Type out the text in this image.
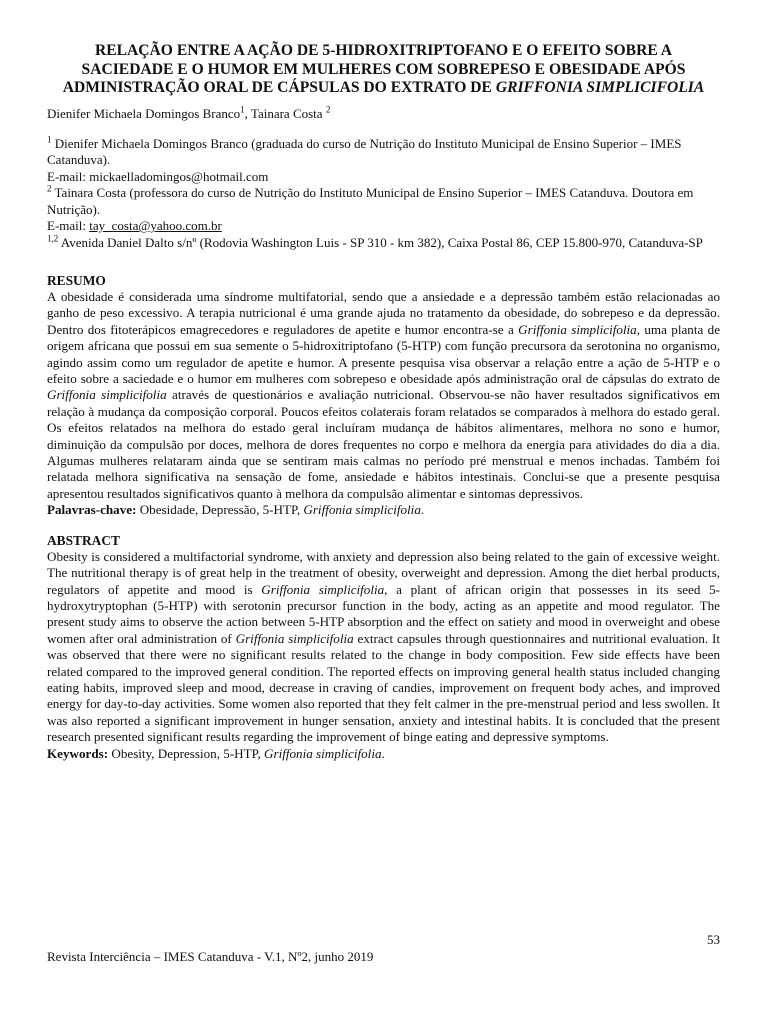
RELAÇÃO ENTRE A AÇÃO DE 5-HIDROXITRIPTOFANO E O EFEITO SOBRE A SACIEDADE E O HUMOR EM MULHERES COM SOBREPESO E OBESIDADE APÓS ADMINISTRAÇÃO ORAL DE CÁPSULAS DO EXTRATO DE GRIFFONIA SIMPLICIFOLIA
Dienifer Michaela Domingos Branco$^1$, Tainara Costa $^2$

$^1$ Dienifer Michaela Domingos Branco (graduada do curso de Nutrição do Instituto Municipal de Ensino Superior – IMES Catanduva).

E-mail: mickaelladomingos@hotmail.com

$^2$ Tainara Costa (professora do curso de Nutrição do Instituto Municipal de Ensino Superior – IMES Catanduva. Doutora em Nutrição).

E-mail: tay_costa@yahoo.com.br

$^{1,2}$ Avenida Daniel Dalto s/nº (Rodovia Washington Luis - SP 310 - km 382), Caixa Postal 86, CEP 15.800-970, Catanduva-SP

RESUMO

A obesidade é considerada uma síndrome multifatorial, sendo que a ansiedade e a depressão também estão relacionadas ao ganho de peso excessivo. A terapia nutricional é uma grande ajuda no tratamento da obesidade, do sobrepeso e da depressão. Dentro dos fitoterápicos emagrecedores e reguladores de apetite e humor encontra-se a Griffonia simplicifolia, uma planta de origem africana que possui em sua semente o 5-hidroxitriptofano (5-HTP) com função precursora da serotonina no organismo, agindo assim como um regulador de apetite e humor. A presente pesquisa visa observar a relação entre a ação de 5-HTP e o efeito sobre a saciedade e o humor em mulheres com sobrepeso e obesidade após administração oral de cápsulas do extrato de Griffonia simplicifolia através de questionários e avaliação nutricional. Observou-se não haver resultados significativos em relação à mudança da composição corporal. Poucos efeitos colaterais foram relatados se comparados à melhora do estado geral. Os efeitos relatados na melhora do estado geral incluíram mudança de hábitos alimentares, melhora no sono e humor, diminuição da compulsão por doces, melhora de dores frequentes no corpo e melhora da energia para atividades do dia a dia. Algumas mulheres relataram ainda que se sentiram mais calmas no período pré menstrual e menos inchadas. Também foi relatada melhora significativa na sensação de fome, ansiedade e hábitos intestinais. Conclui-se que a presente pesquisa apresentou resultados significativos quanto à melhora da compulsão alimentar e sintomas depressivos.

Palavras-chave: Obesidade, Depressão, 5-HTP, Griffonia simplicifolia.

ABSTRACT

Obesity is considered a multifactorial syndrome, with anxiety and depression also being related to the gain of excessive weight. The nutritional therapy is of great help in the treatment of obesity, overweight and depression. Among the diet herbal products, regulators of appetite and mood is Griffonia simplicifolia, a plant of african origin that possesses in its seed 5-hydroxytryptophan (5-HTP) with serotonin precursor function in the body, acting as an appetite and mood regulator. The present study aims to observe the action between 5-HTP absorption and the effect on satiety and mood in overweight and obese women after oral administration of Griffonia simplicifolia extract capsules through questionnaires and nutritional evaluation. It was observed that there were no significant results related to the change in body composition. Few side effects have been related compared to the improved general condition. The reported effects on improving general health status included changing eating habits, improved sleep and mood, decrease in craving of candies, improvement on frequent body aches, and improved energy for day-to-day activities. Some women also reported that they felt calmer in the pre-menstrual period and less swollen. It was also reported a significant improvement in hunger sensation, anxiety and intestinal habits. It is concluded that the present research presented significant results regarding the improvement of binge eating and depressive symptoms.

Keywords: Obesity, Depression, 5-HTP, Griffonia simplicifolia.

53
Revista Interciência – IMES Catanduva - V.1, Nº2, junho 2019
